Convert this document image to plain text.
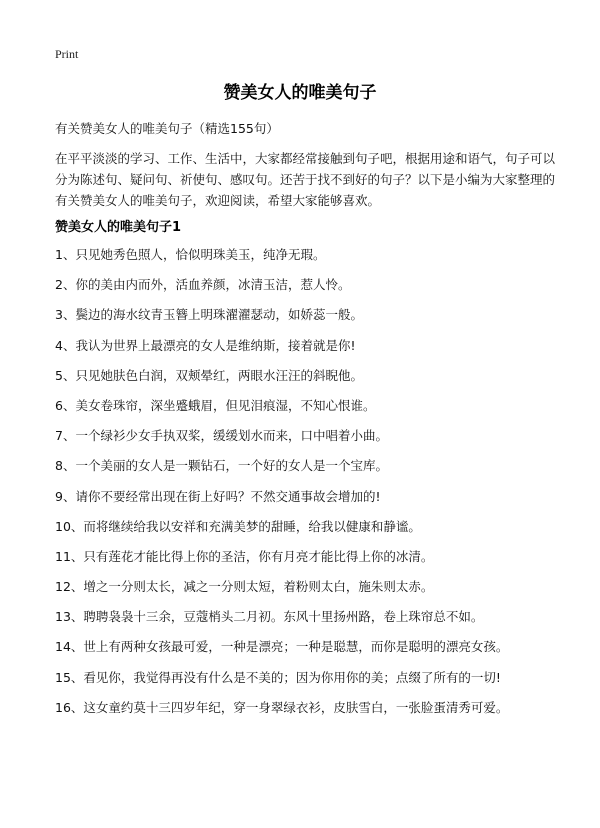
Print
赞美女人的唯美句子
有关赞美女人的唯美句子（精选155句）

在平平淡淡的学习、工作、生活中，大家都经常接触到句子吧，根据用途和语气，句子可以分为陈述句、疑问句、祈使句、感叹句。还苦于找不到好的句子？以下是小编为大家整理的有关赞美女人的唯美句子，欢迎阅读，希望大家能够喜欢。

赞美女人的唯美句子1
1、只见她秀色照人，恰似明珠美玉，纯净无瑕。
2、你的美由内而外，活血养颜，冰清玉洁，惹人怜。
3、鬓边的海水纹青玉簪上明珠濯濯瑟动，如娇蕊一般。
4、我认为世界上最漂亮的女人是维纳斯，接着就是你!
5、只见她肤色白润，双颊晕红，两眼水汪汪的斜睨他。
6、美女卷珠帘，深坐蹙蛾眉，但见泪痕湿，不知心恨谁。
7、一个绿衫少女手执双桨，缓缓划水而来，口中唱着小曲。
8、一个美丽的女人是一颗钻石，一个好的女人是一个宝库。
9、请你不要经常出现在街上好吗？不然交通事故会增加的!
10、而将继续给我以安祥和充满美梦的甜睡，给我以健康和静谧。
11、只有莲花才能比得上你的圣洁，你有月亮才能比得上你的冰清。
12、增之一分则太长，减之一分则太短，着粉则太白，施朱则太赤。
13、聘聘袅袅十三余，豆蔻梢头二月初。东风十里扬州路，卷上珠帘总不如。
14、世上有两种女孩最可爱，一种是漂亮；一种是聪慧，而你是聪明的漂亮女孩。
15、看见你，我觉得再没有什么是不美的；因为你用你的美；点缀了所有的一切!
16、这女童约莫十三四岁年纪，穿一身翠绿衣衫，皮肤雪白，一张脸蛋清秀可爱。
